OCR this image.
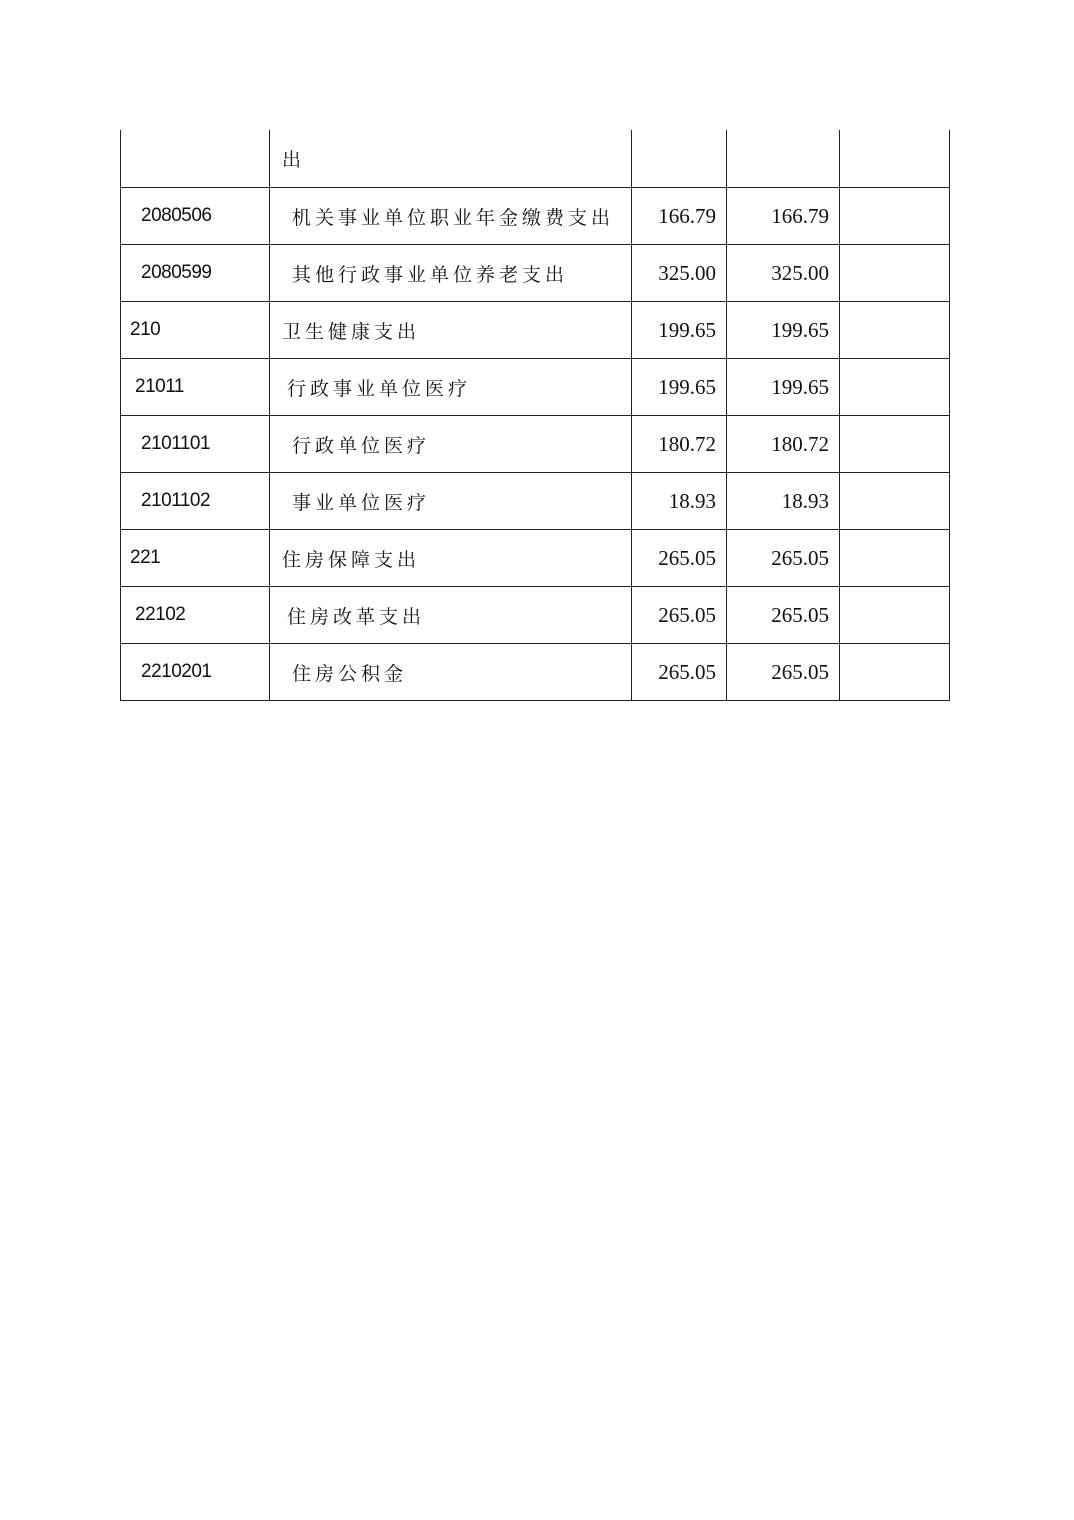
	出			
2080506	机关事业单位职业年金缴费支出	166.79	166.79	
2080599	其他行政事业单位养老支出	325.00	325.00	
210	卫生健康支出	199.65	199.65	
21011	行政事业单位医疗	199.65	199.65	
2101101	行政单位医疗	180.72	180.72	
2101102	事业单位医疗	18.93	18.93	
221	住房保障支出	265.05	265.05	
22102	住房改革支出	265.05	265.05	
2210201	住房公积金	265.05	265.05	
